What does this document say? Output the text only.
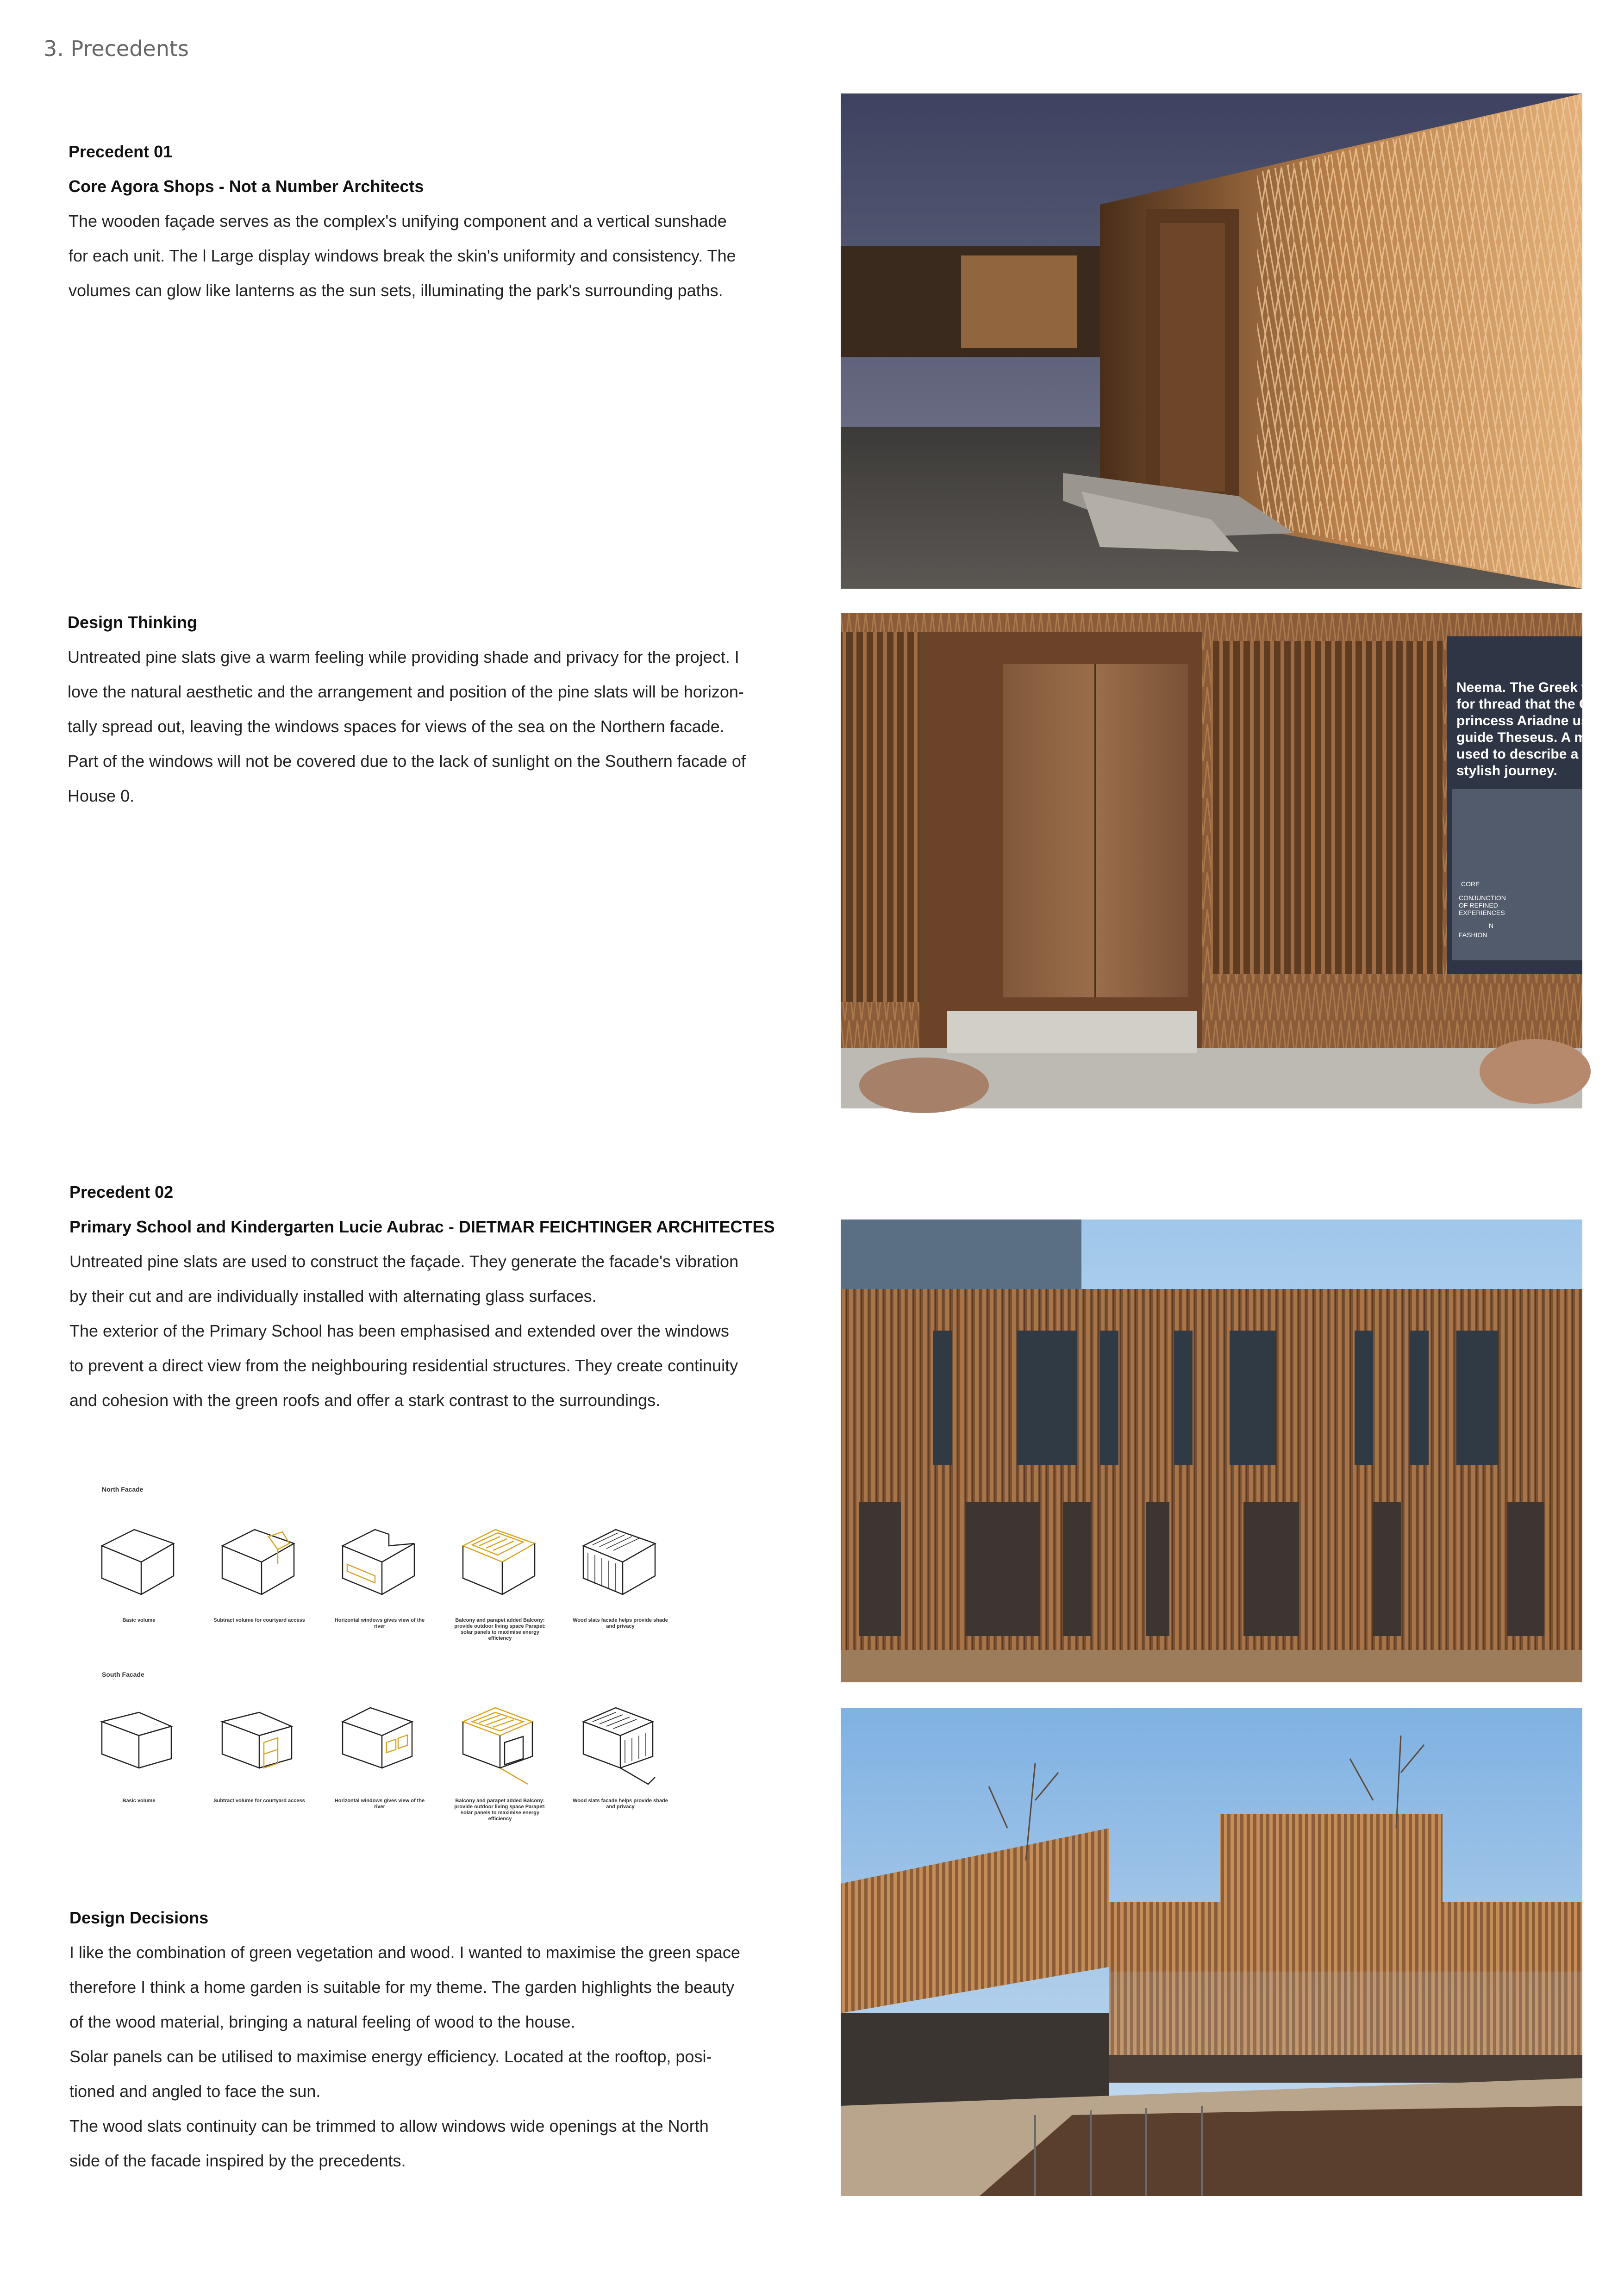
3. Precedents
Precedent 01
Core Agora Shops - Not a Number Architects

The wooden façade serves as the complex's unifying component and a vertical sunshade

for each unit. The l Large display windows break the skin's uniformity and consistency. The

volumes can glow like lanterns as the sun sets, illuminating the park's surrounding paths.

Design Thinking

Untreated pine slats give a warm feeling while providing shade and privacy for the project. I

love the natural aesthetic and the arrangement and position of the pine slats will be horizon-

tally spread out, leaving the windows spaces for views of the sea on the Northern facade.

Part of the windows will not be covered due to the lack of sunlight on the Southern facade of

House 0.

Precedent 02
Primary School and Kindergarten Lucie Aubrac - DIETMAR FEICHTINGER ARCHITECTES

Untreated pine slats are used to construct the façade. They generate the facade's vibration

by their cut and are individually installed with alternating glass surfaces.

The exterior of the Primary School has been emphasised and extended over the windows

to prevent a direct view from the neighbouring residential structures. They create continuity

and cohesion with the green roofs and offer a stark contrast to the surroundings.

Design Decisions

I like the combination of green vegetation and wood. I wanted to maximise the green space

therefore I think a home garden is suitable for my theme. The garden highlights the beauty

of the wood material, bringing a natural feeling of wood to the house.

Solar panels can be utilised to maximise energy efficiency. Located at the rooftop, posi-

tioned and angled to face the sun.

The wood slats continuity can be trimmed to allow windows wide openings at the North

side of the facade inspired by the precedents.

Neema. The Greek w
for thread that the Co
princess Ariadne used
guide Theseus. A met
used to describe a ne
stylish journey.
CORE
CONJUNCTION
OF REFINED
EXPERIENCES
N
FASHION
North Facade
Basic volume	Subtract volume for courtyard access	Horizontal windows gives view of the river
Balcony and parapet added Balcony: provide outdoor living space Parapet: solar panels to maximise energy efficiency
Wood slats facade helps provide shade and privacy
South Facade
Basic volume	Subtract volume for courtyard access	Horizontal windows gives view of the river
Balcony and parapet added Balcony: provide outdoor living space Parapet: solar panels to maximise energy efficiency
Wood slats facade helps provide shade and privacy
